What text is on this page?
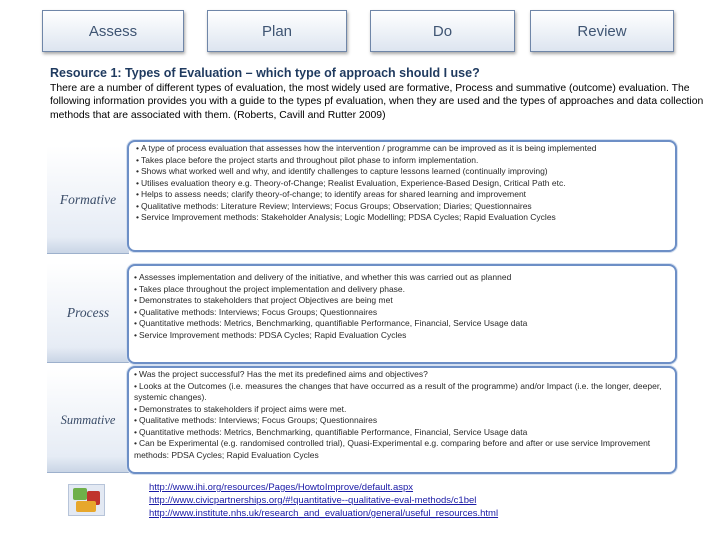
Assess	Plan	Do	Review
Resource 1: Types of Evaluation – which type of approach should I use?
There are a number of different types of evaluation, the most widely used are formative, Process and summative (outcome) evaluation. The following information provides you with a guide to the types pf evaluation, when they are used and the types of approaches and data collection methods that are associated with them. (Roberts, Cavill and Rutter 2009)
Formative
• A type of process evaluation that assesses how the intervention / programme can be improved as it is being implemented
• Takes place before the project starts and throughout pilot phase to inform implementation.
• Shows what worked well and why, and identify challenges to capture lessons learned (continually improving)
• Utilises evaluation theory e.g. Theory-of-Change; Realist Evaluation, Experience-Based Design, Critical Path etc.
• Helps to assess needs; clarify theory-of-change; to identify areas for shared learning and improvement
• Qualitative methods: Literature Review; Interviews; Focus Groups; Observation; Diaries; Questionnaires
• Service Improvement methods: Stakeholder Analysis; Logic Modelling; PDSA Cycles; Rapid Evaluation Cycles
Process
• Assesses implementation and delivery of the initiative, and whether this was carried out as planned
• Takes place throughout the project implementation and delivery phase.
• Demonstrates to stakeholders that project Objectives are being met
• Qualitative methods: Interviews; Focus Groups; Questionnaires
• Quantitative methods: Metrics, Benchmarking, quantifiable Performance, Financial, Service Usage data
• Service Improvement methods: PDSA Cycles; Rapid Evaluation Cycles
Summative
• Was the project successful? Has the met its predefined aims and objectives?
• Looks at the Outcomes (i.e. measures the changes that have occurred as a result of the programme) and/or Impact (i.e. the longer, deeper, systemic changes).
• Demonstrates to stakeholders if project aims were met.
• Qualitative methods: Interviews; Focus Groups; Questionnaires
• Quantitative methods: Metrics, Benchmarking, quantifiable Performance, Financial, Service Usage data
• Can be Experimental (e.g. randomised controlled trial), Quasi-Experimental e.g. comparing before and after or use service Improvement methods: PDSA Cycles; Rapid Evaluation Cycles
http://www.ihi.org/resources/Pages/HowtoImprove/default.aspx
http://www.civicpartnerships.org/#!quantitative--qualitative-eval-methods/c1bel
http://www.institute.nhs.uk/research_and_evaluation/general/useful_resources.html
